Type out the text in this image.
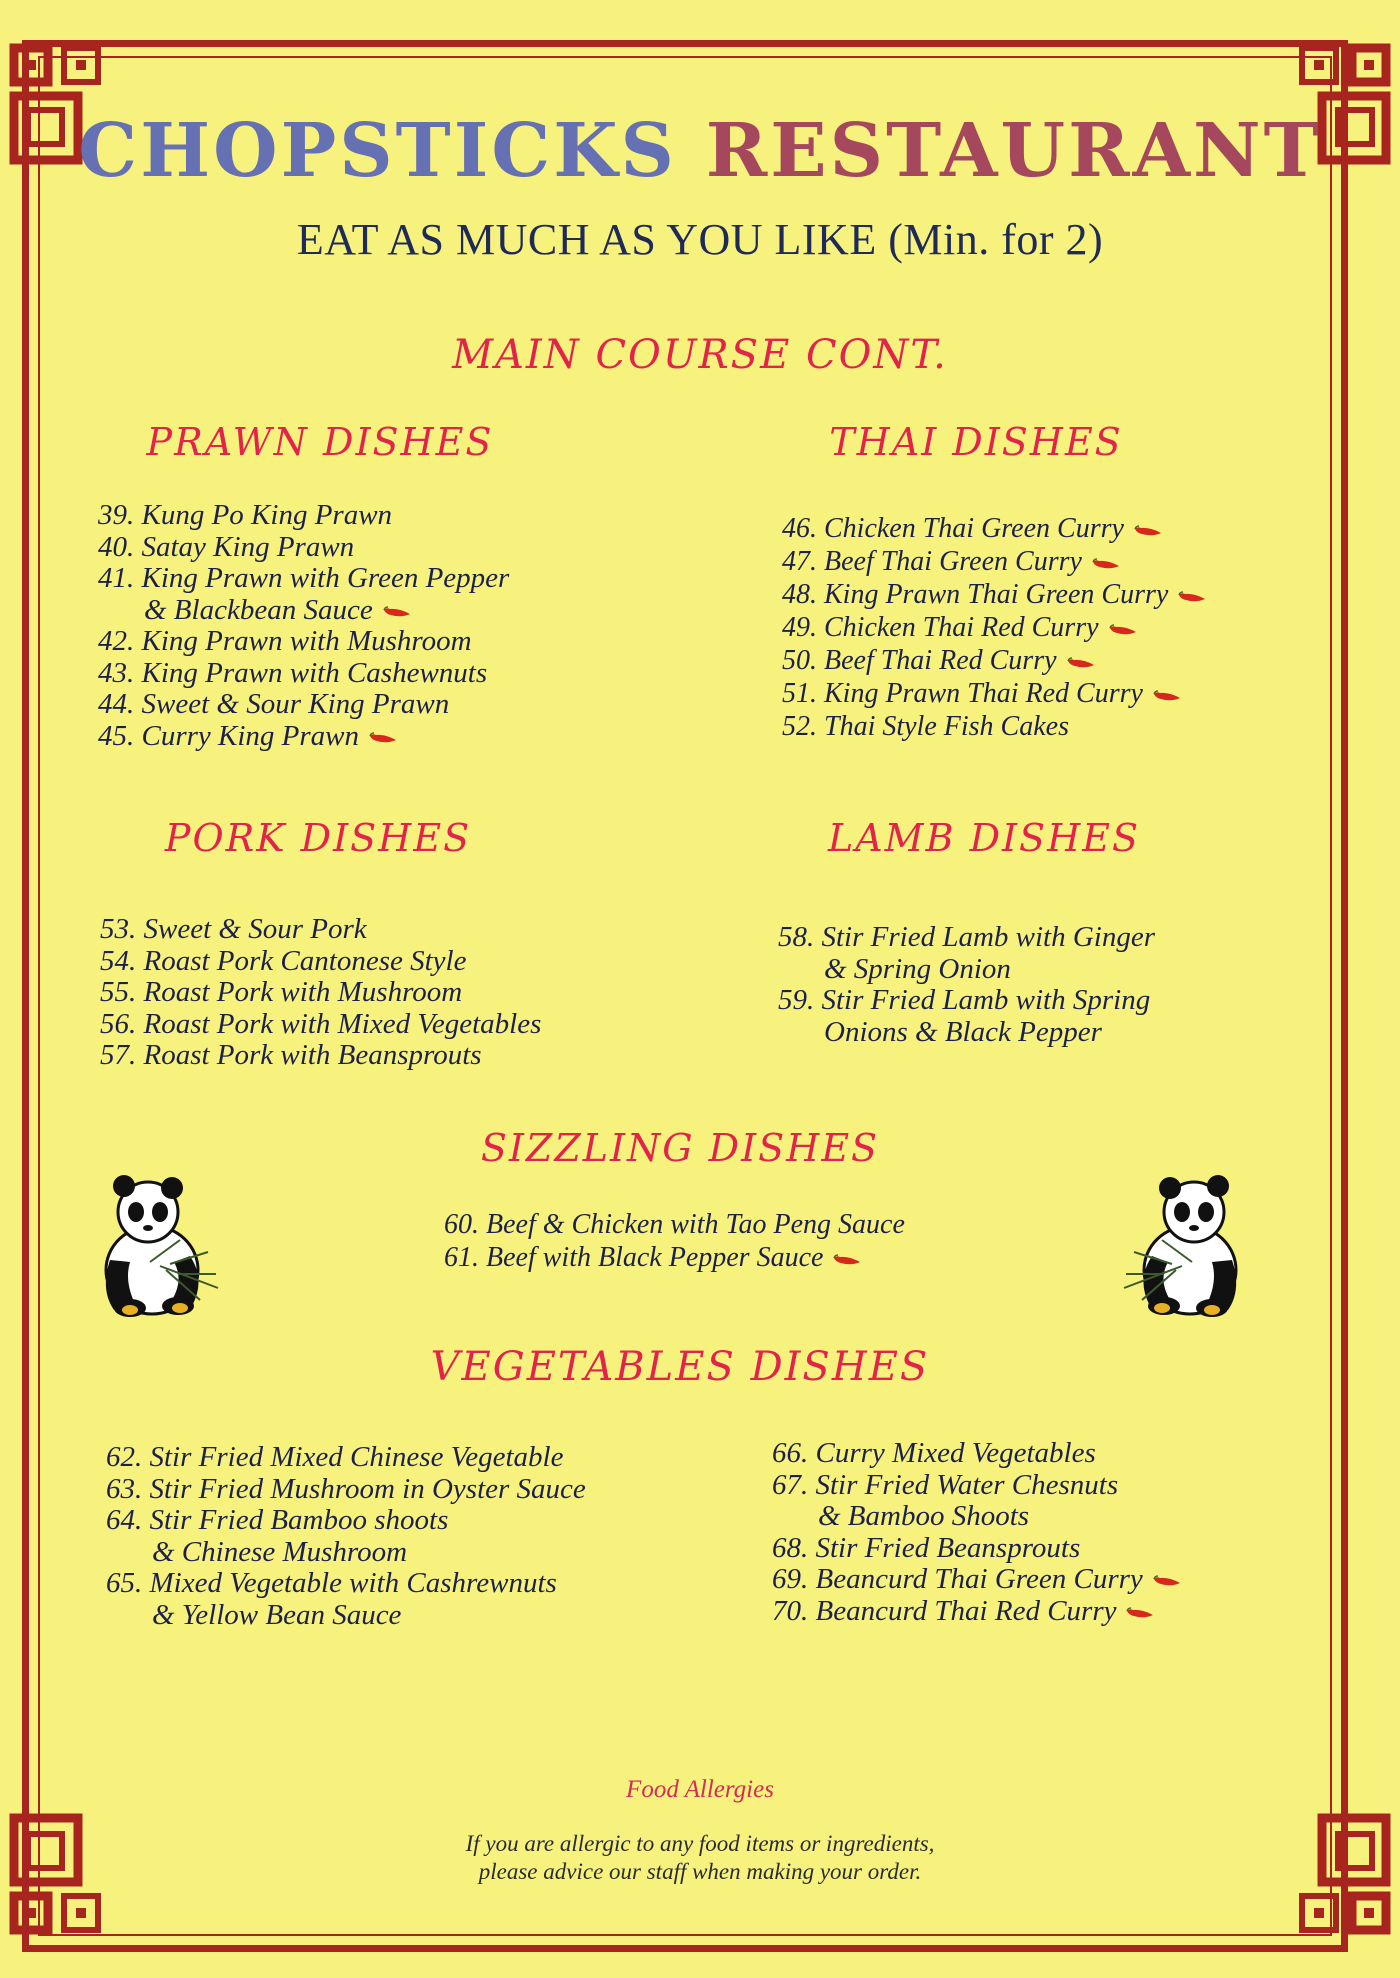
CHOPSTICKS RESTAURANT

EAT AS MUCH AS YOU LIKE (Min. for 2)

MAIN COURSE CONT.
PRAWN DISHES
39. Kung Po King Prawn
40. Satay King Prawn
41. King Prawn with Green Pepper
& Blackbean Sauce
42. King Prawn with Mushroom
43. King Prawn with Cashewnuts
44. Sweet & Sour King Prawn
45. Curry King Prawn
THAI DISHES
46. Chicken Thai Green Curry
47. Beef Thai Green Curry
48. King Prawn Thai Green Curry
49. Chicken Thai Red Curry
50. Beef Thai Red Curry
51. King Prawn Thai Red Curry
52. Thai Style Fish Cakes
PORK DISHES
53. Sweet & Sour Pork
54. Roast Pork Cantonese Style
55. Roast Pork with Mushroom
56. Roast Pork with Mixed Vegetables
57. Roast Pork with Beansprouts
LAMB DISHES
58. Stir Fried Lamb with Ginger
& Spring Onion
59. Stir Fried Lamb with Spring
Onions & Black Pepper
SIZZLING DISHES
60. Beef & Chicken with Tao Peng Sauce
61. Beef with Black Pepper Sauce
VEGETABLES DISHES
62. Stir Fried Mixed Chinese Vegetable
63. Stir Fried Mushroom in Oyster Sauce
64. Stir Fried Bamboo shoots
& Chinese Mushroom
65. Mixed Vegetable with Cashrewnuts
& Yellow Bean Sauce
66. Curry Mixed Vegetables
67. Stir Fried Water Chesnuts
& Bamboo Shoots
68. Stir Fried Beansprouts
69. Beancurd Thai Green Curry
70. Beancurd Thai Red Curry

Food Allergies

If you are allergic to any food items or ingredients,
please advice our staff when making your order.
